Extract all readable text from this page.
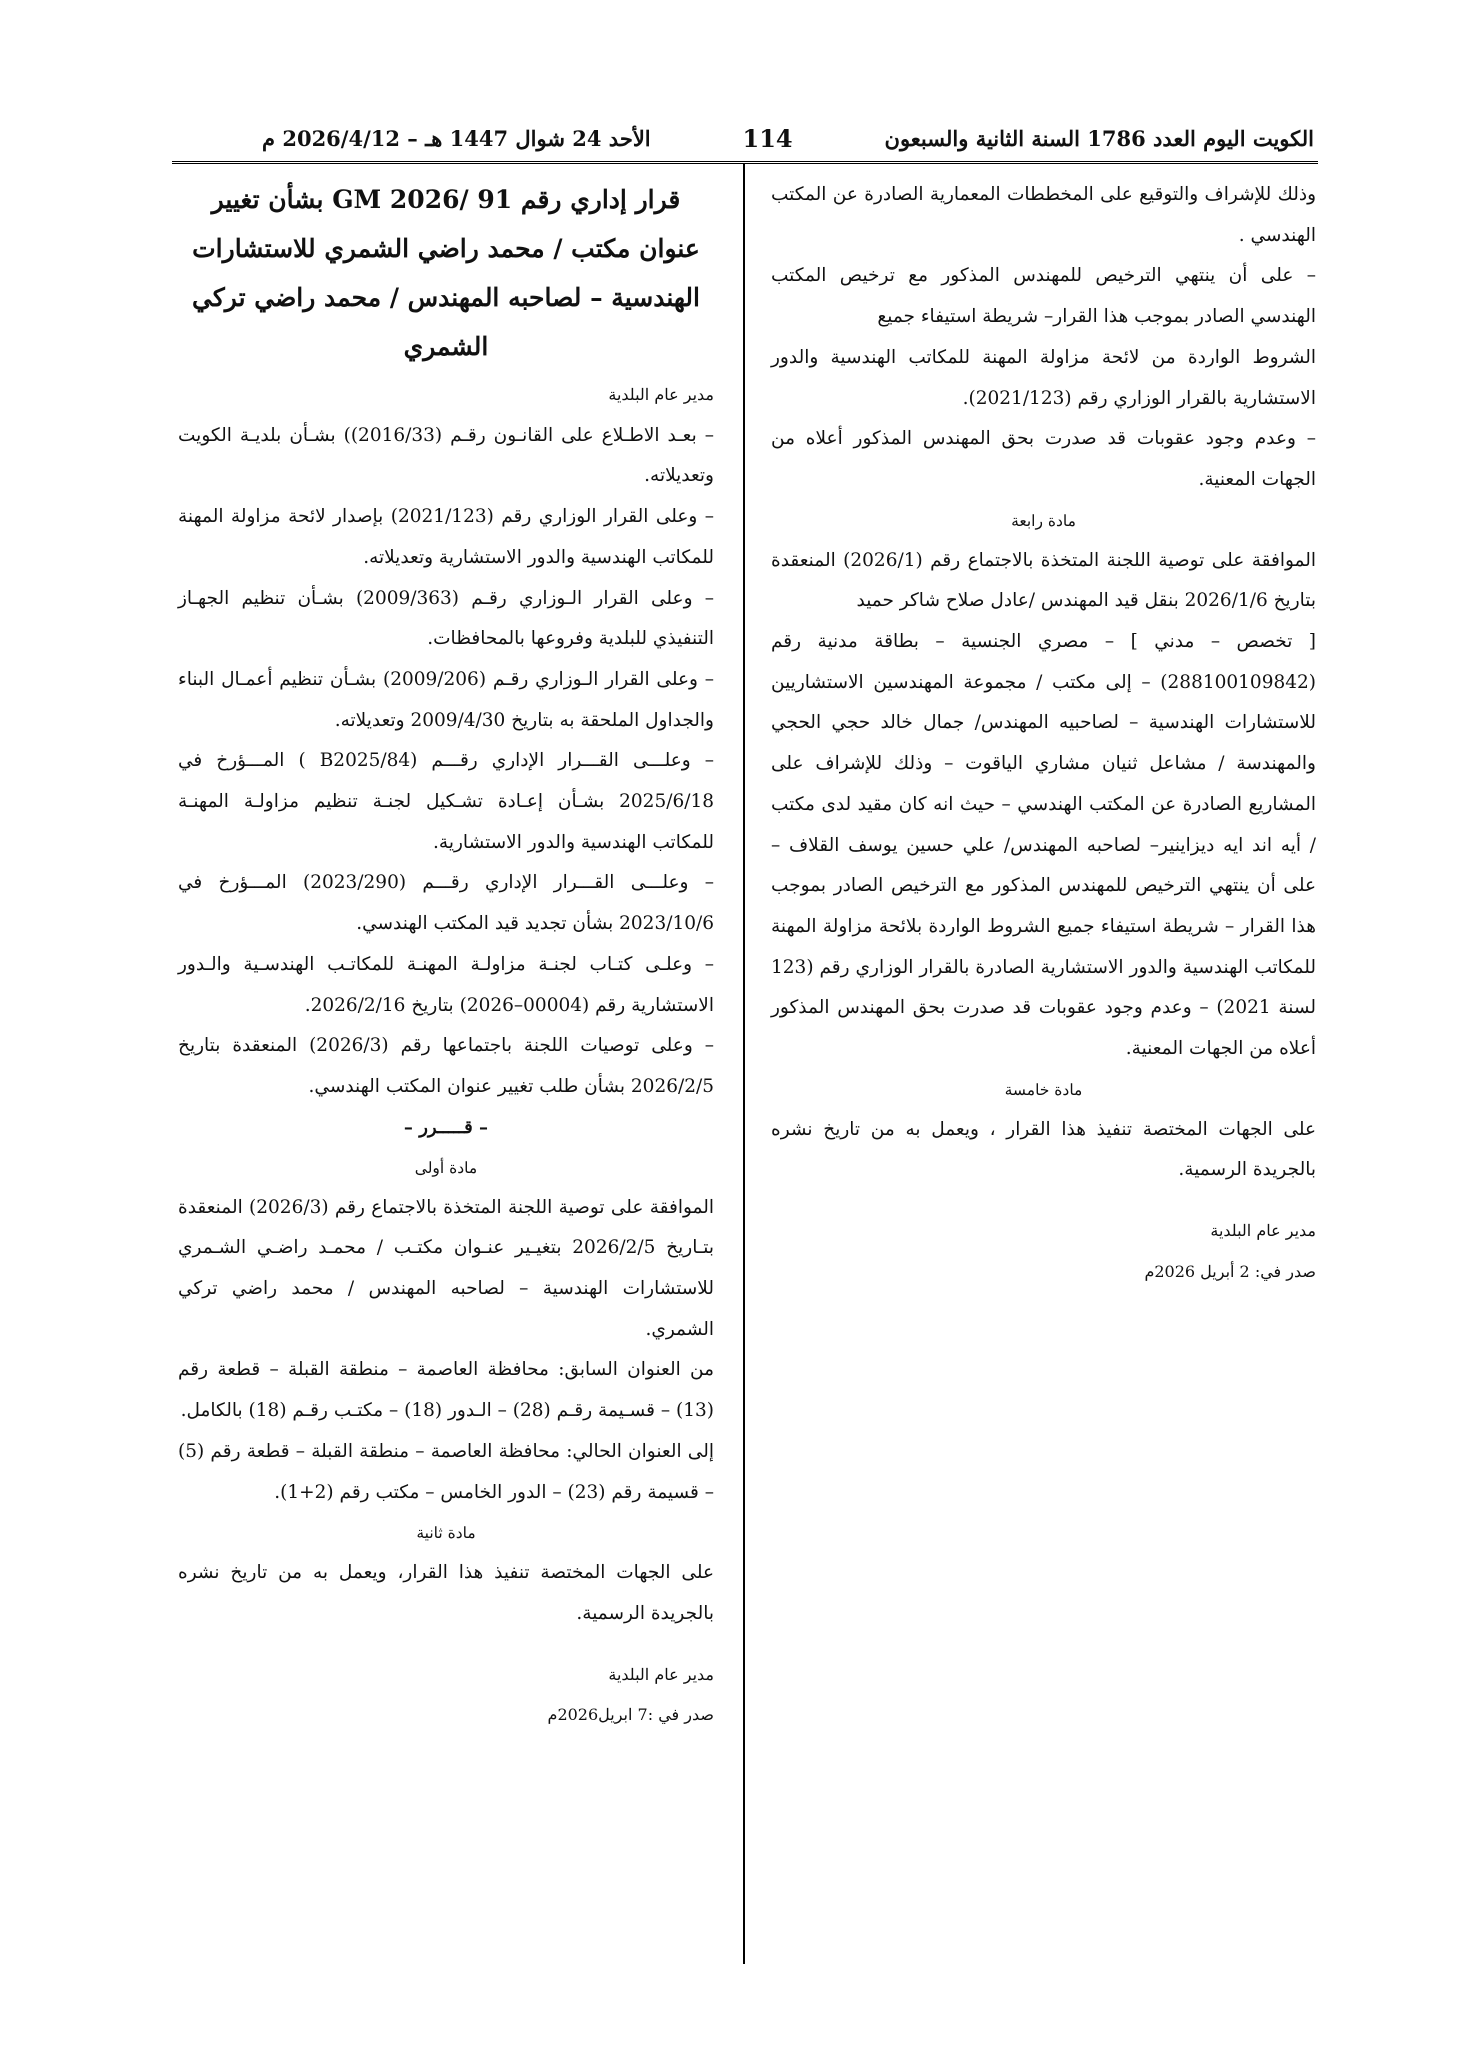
الكويت اليوم العدد 1786 السنة الثانية والسبعون
114
الأحد 24 شوال 1447 هـ – 2026/4/12 م

وذلك للإشراف والتوقيع على المخططات المعمارية الصادرة عن المكتب الهندسي .

– على أن ينتهي الترخيص للمهندس المذكور مع ترخيص المكتب الهندسي الصادر بموجب هذا القرار– شريطة استيفاء جميع

الشروط الواردة من لائحة مزاولة المهنة للمكاتب الهندسية والدور الاستشارية بالقرار الوزاري رقم (2021/123).

– وعدم وجود عقوبات قد صدرت بحق المهندس المذكور أعلاه من الجهات المعنية.

مادة رابعة

الموافقة على توصية اللجنة المتخذة بالاجتماع رقم (2026/1) المنعقدة بتاريخ 2026/1/6 بنقل قيد المهندس /عادل صلاح شاكر حميد

[ تخصص – مدني ] – مصري الجنسية – بطاقة مدنية رقم (288100109842) – إلى مكتب / مجموعة المهندسين الاستشاريين للاستشارات الهندسية – لصاحبيه المهندس/ جمال خالد حجي الحجي والمهندسة / مشاعل ثنيان مشاري الياقوت – وذلك للإشراف على المشاريع الصادرة عن المكتب الهندسي – حيث انه كان مقيد لدى مكتب / أيه اند ايه ديزاينير– لصاحبه المهندس/ علي حسين يوسف القلاف – على أن ينتهي الترخيص للمهندس المذكور مع الترخيص الصادر بموجب هذا القرار – شريطة استيفاء جميع الشروط الواردة بلائحة مزاولة المهنة للمكاتب الهندسية والدور الاستشارية الصادرة بالقرار الوزاري رقم (123 لسنة 2021) – وعدم وجود عقوبات قد صدرت بحق المهندس المذكور أعلاه من الجهات المعنية.

مادة خامسة

على الجهات المختصة تنفيذ هذا القرار ، ويعمل به من تاريخ نشره بالجريدة الرسمية.

مدير عام البلدية

صدر في: 2 أبريل 2026م

قرار إداري رقم 91 /GM 2026 بشأن تغيير عنوان مكتب / محمد راضي الشمري للاستشارات الهندسية – لصاحبه المهندس / محمد راضي تركي الشمري

مدير عام البلدية

– بعـد الاطـلاع على القانـون رقـم (2016/33)) بشـأن بلديـة الكويت وتعديلاته.

– وعلى القرار الوزاري رقم (2021/123) بإصدار لائحة مزاولة المهنة للمكاتب الهندسية والدور الاستشارية وتعديلاته.

– وعلى القرار الـوزاري رقـم (2009/363) بشـأن تنظيم الجهـاز التنفيذي للبلدية وفروعها بالمحافظات.

– وعلى القرار الـوزاري رقـم (2009/206) بشـأن تنظيم أعمـال البناء والجداول الملحقة به بتاريخ 2009/4/30 وتعديلاته.

– وعلـــى القـــرار الإداري رقـــم (B2025/84 ) المـــؤرخ في 2025/6/18 بشـأن إعـادة تشـكيل لجنـة تنظيم مزاولـة المهنـة للمكاتب الهندسية والدور الاستشارية.

– وعلـــى القـــرار الإداري رقـــم (2023/290) المـــؤرخ في 2023/10/6 بشأن تجديد قيد المكتب الهندسي.

– وعلـى كتـاب لجنـة مزاولـة المهنـة للمكاتـب الهندسـية والـدور الاستشارية رقم (00004–2026) بتاريخ 2026/2/16.

– وعلى توصيات اللجنة باجتماعها رقم (2026/3) المنعقدة بتاريخ 2026/2/5 بشأن طلب تغيير عنوان المكتب الهندسي.

– قـــــرر –

مادة أولى

الموافقة على توصية اللجنة المتخذة بالاجتماع رقم (2026/3) المنعقدة بتـاريخ 2026/2/5 بتغيـير عنـوان مكتـب / محمـد راضـي الشـمري للاستشارات الهندسية – لصاحبه المهندس / محمد راضي تركي الشمري.

من العنوان السابق: محافظة العاصمة – منطقة القبلة – قطعة رقم (13) – قسـيمة رقـم (28) – الـدور (18) – مكتـب رقـم (18) بالكامل.

إلى العنوان الحالي: محافظة العاصمة – منطقة القبلة – قطعة رقم (5) – قسيمة رقم (23) – الدور الخامس – مكتب رقم (2+1).

مادة ثانية

على الجهات المختصة تنفيذ هذا القرار، ويعمل به من تاريخ نشره بالجريدة الرسمية.

مدير عام البلدية

صدر في :7 ابريل2026م
